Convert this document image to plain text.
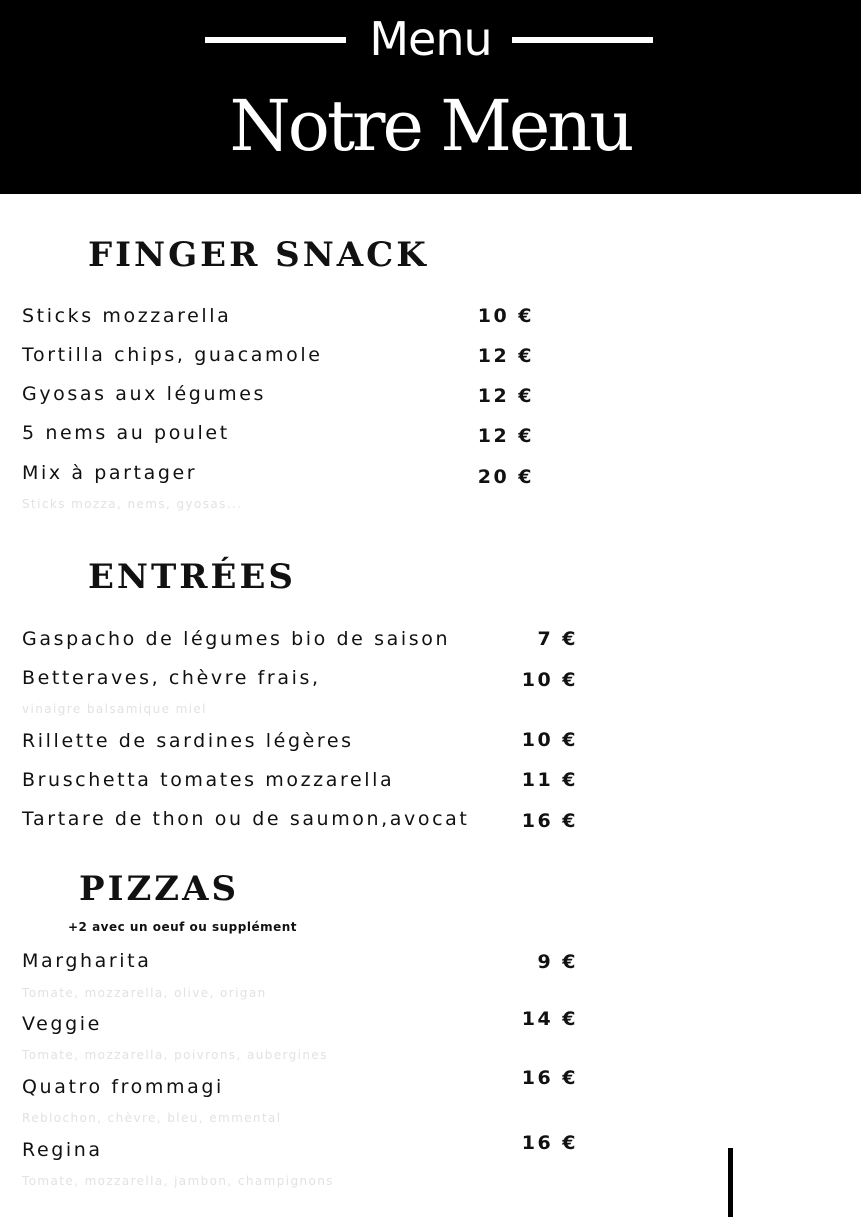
Menu
Notre Menu
FINGER SNACK
Sticks mozzarella	10 €
Tortilla chips, guacamole	12 €
Gyosas aux légumes	12 €
5 nems au poulet	12 €
Mix à partager	20 €
Sticks mozza, nems, gyosas...
ENTRÉES
Gaspacho de légumes bio de saison	7 €
Betteraves, chèvre frais,	10 €
vinaigre balsamique miel
Rillette de sardines légères	10 €
Bruschetta tomates mozzarella	11 €
Tartare de thon ou de saumon,avocat	16 €
PIZZAS
+2 avec un oeuf ou supplément
Margharita	9 €
Tomate, mozzarella, olive, origan
Veggie	14 €
Tomate, mozzarella, poivrons, aubergines
Quatro frommagi	16 €
Reblochon, chèvre, bleu, emmental
Regina	16 €
Tomate, mozzarella, jambon, champignons
